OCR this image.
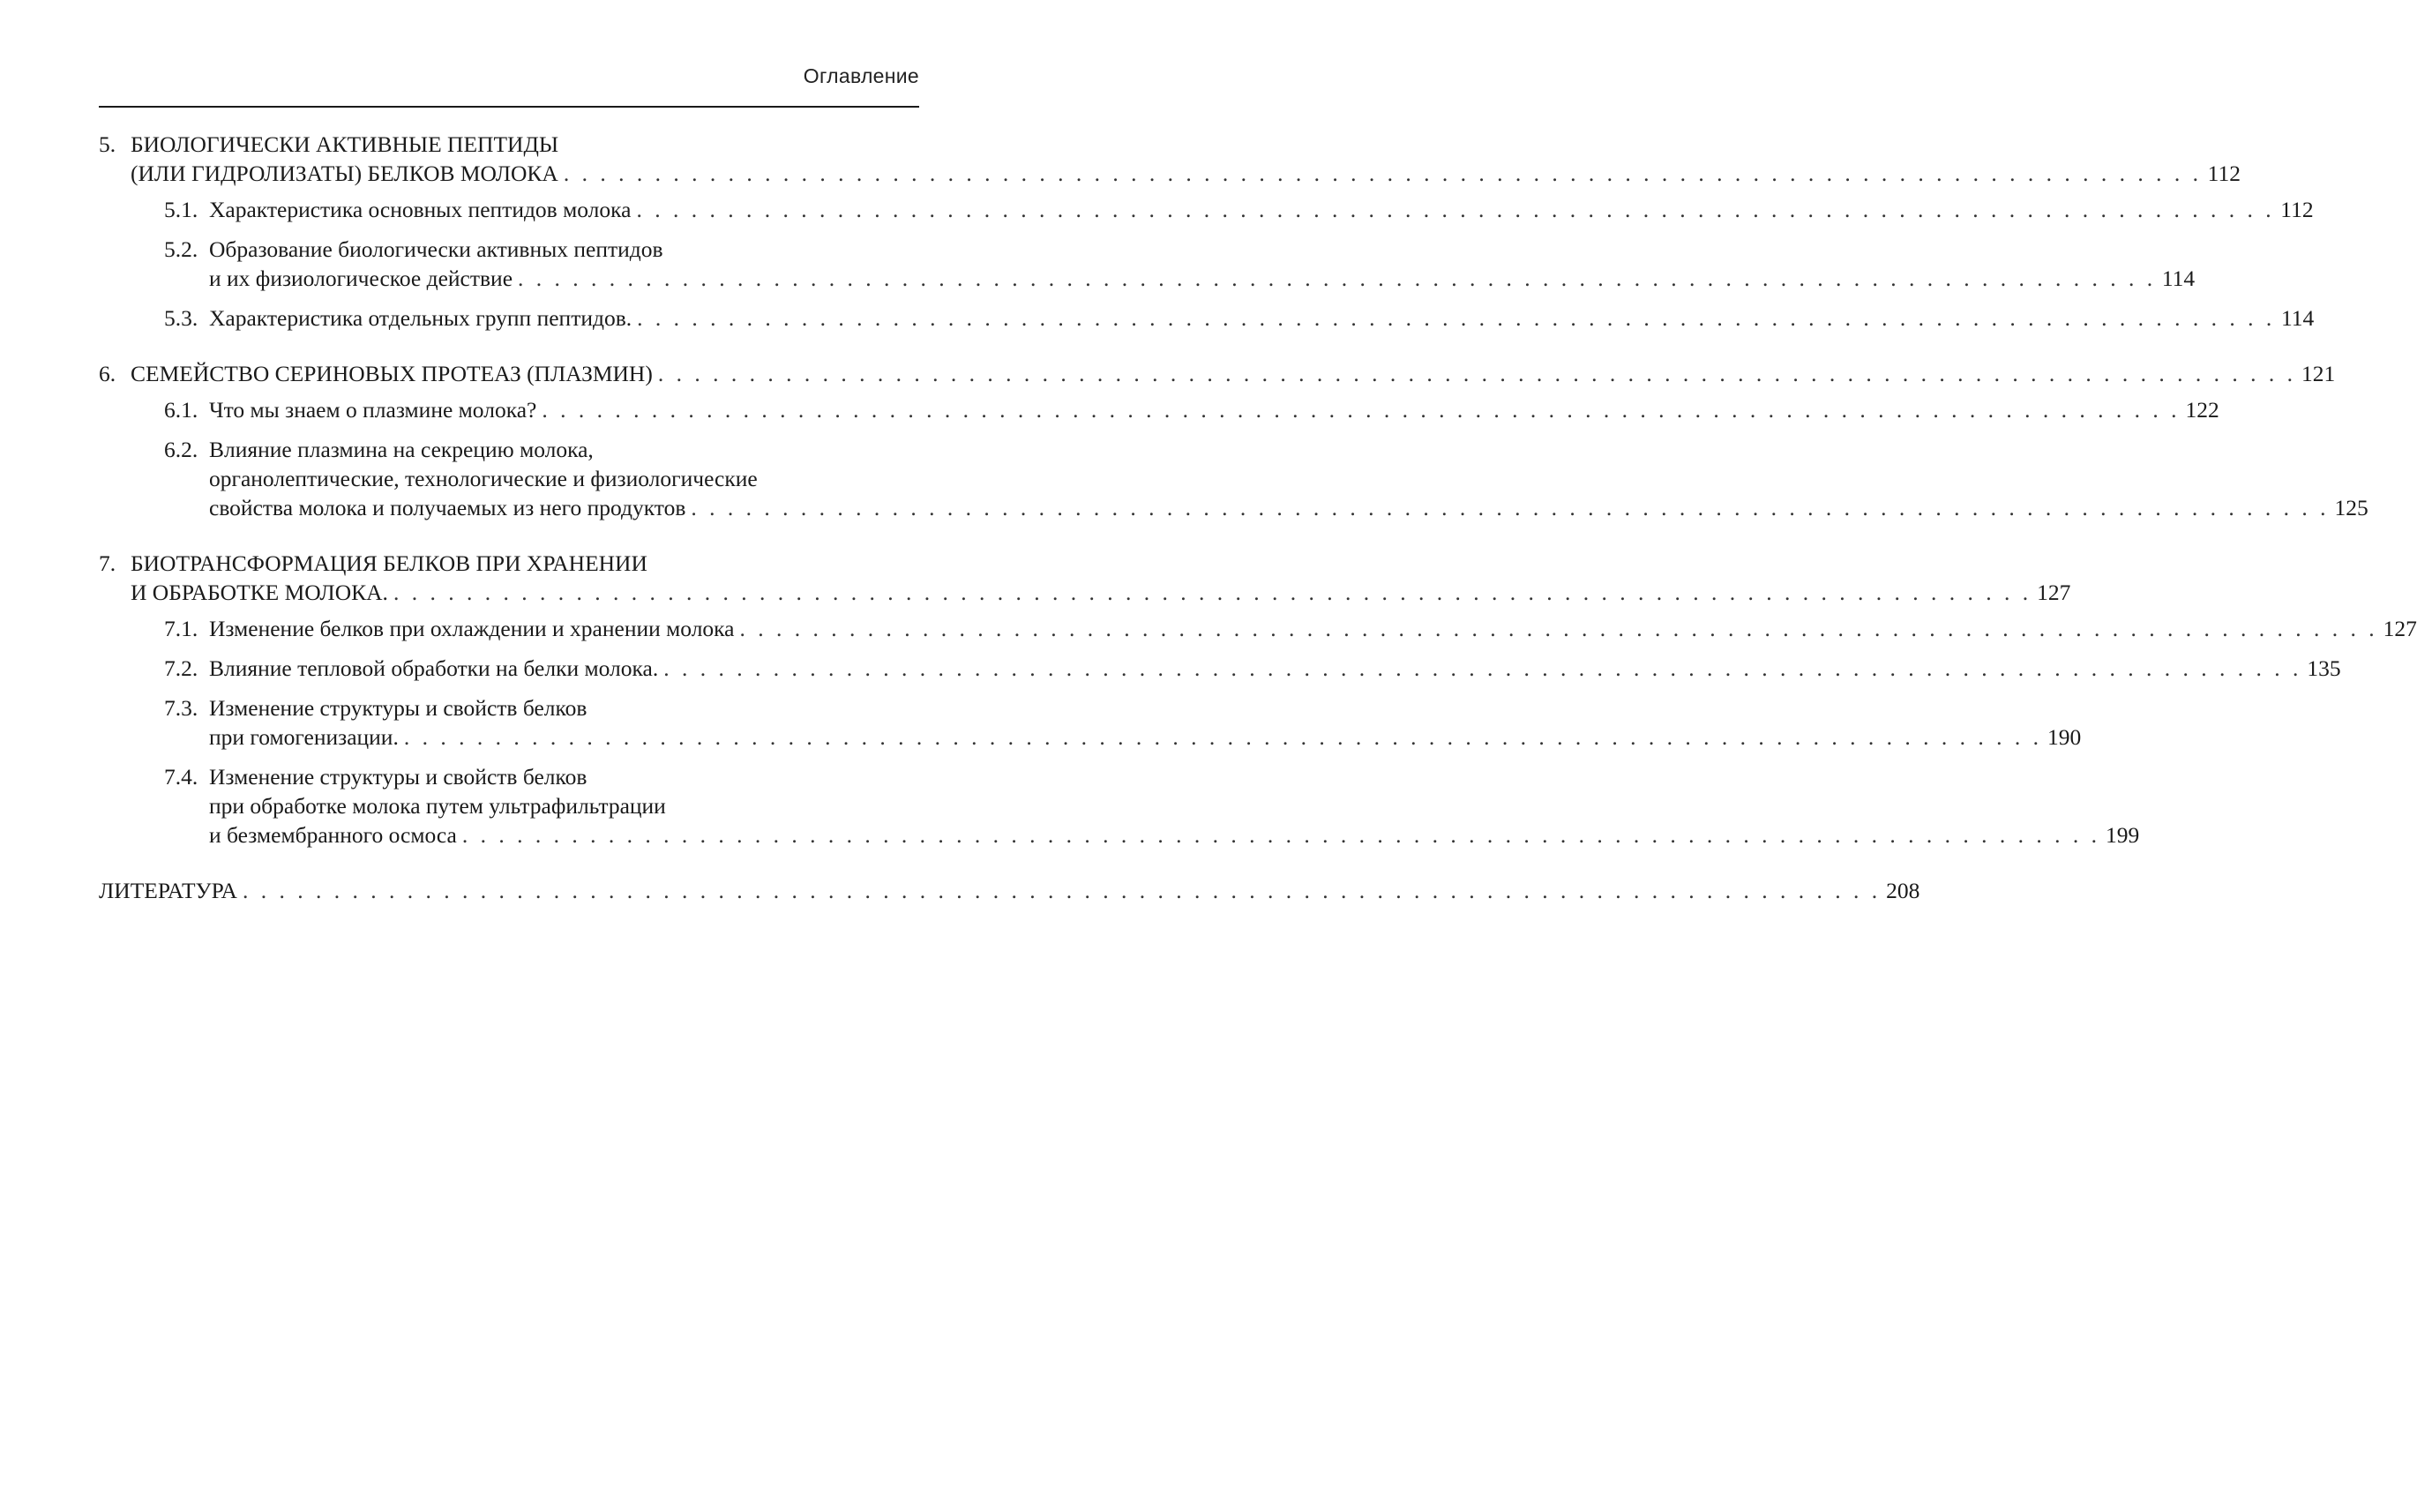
Оглавление
5. БИОЛОГИЧЕСКИ АКТИВНЫЕ ПЕПТИДЫ
(ИЛИ ГИДРОЛИЗАТЫ) БЕЛКОВ МОЛОКА . . .	112
5.1. Характеристика основных пептидов молока . . .	112
5.2. Образование биологически активных пептидов
и их физиологическое действие . . .	114
5.3. Характеристика отдельных групп пептидов. . . .	114
6. СЕМЕЙСТВО СЕРИНОВЫХ ПРОТЕАЗ (ПЛАЗМИН) . . .	121
6.1. Что мы знаем о плазмине молока? . . .	122
6.2. Влияние плазмина на секрецию молока,
органолептические, технологические и физиологические
свойства молока и получаемых из него продуктов . . .	125
7. БИОТРАНСФОРМАЦИЯ БЕЛКОВ ПРИ ХРАНЕНИИ
И ОБРАБОТКЕ МОЛОКА. . . .	127
7.1. Изменение белков при охлаждении и хранении молока . . .	127
7.2. Влияние тепловой обработки на белки молока. . . .	135
7.3. Изменение структуры и свойств белков
при гомогенизации. . . .	190
7.4. Изменение структуры и свойств белков
при обработке молока путем ультрафильтрации
и безмембранного осмоса . . .	199
ЛИТЕРАТУРА . . .	208
